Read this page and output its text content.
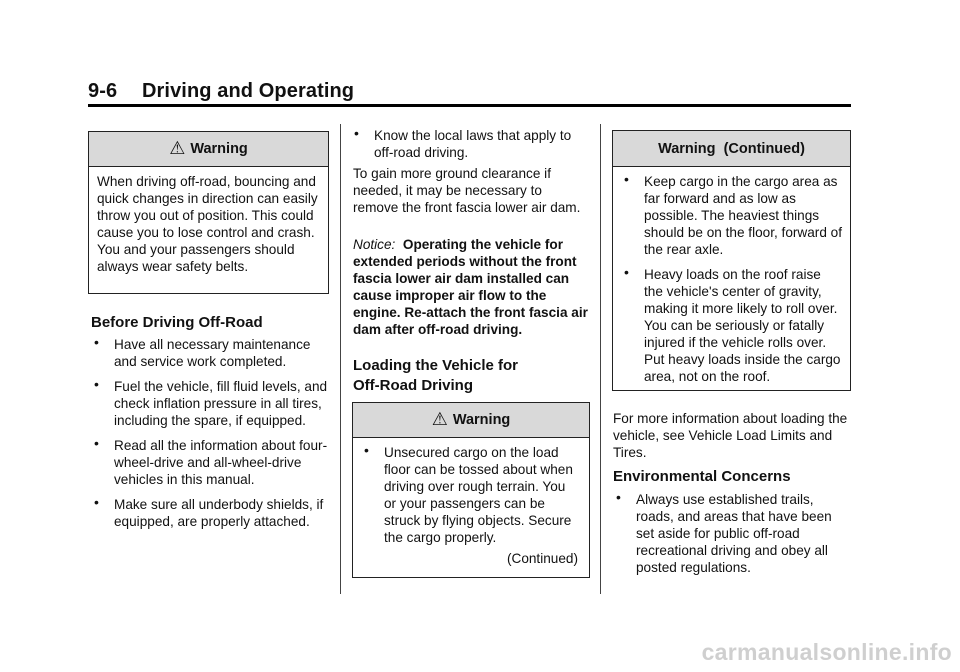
9-6 Driving and Operating
⚠ Warning

When driving off-road, bouncing and quick changes in direction can easily throw you out of position. This could cause you to lose control and crash. You and your passengers should always wear safety belts.

Before Driving Off-Road
• Have all necessary maintenance and service work completed.
• Fuel the vehicle, fill fluid levels, and check inflation pressure in all tires, including the spare, if equipped.
• Read all the information about four-wheel-drive and all-wheel-drive vehicles in this manual.
• Make sure all underbody shields, if equipped, are properly attached.
• Know the local laws that apply to off-road driving.

To gain more ground clearance if needed, it may be necessary to remove the front fascia lower air dam.

Notice: Operating the vehicle for extended periods without the front fascia lower air dam installed can cause improper air flow to the engine. Re-attach the front fascia air dam after off-road driving.

Loading the Vehicle for
Off-Road Driving
⚠ Warning
• Unsecured cargo on the load floor can be tossed about when driving over rough terrain. You or your passengers can be struck by flying objects. Secure the cargo properly.
(Continued)
Warning  (Continued)
• Keep cargo in the cargo area as far forward and as low as possible. The heaviest things should be on the floor, forward of the rear axle.
• Heavy loads on the roof raise the vehicle's center of gravity, making it more likely to roll over. You can be seriously or fatally injured if the vehicle rolls over. Put heavy loads inside the cargo area, not on the roof.

For more information about loading the vehicle, see Vehicle Load Limits and Tires.

Environmental Concerns
• Always use established trails, roads, and areas that have been set aside for public off-road recreational driving and obey all posted regulations.
carmanualsonline.info
